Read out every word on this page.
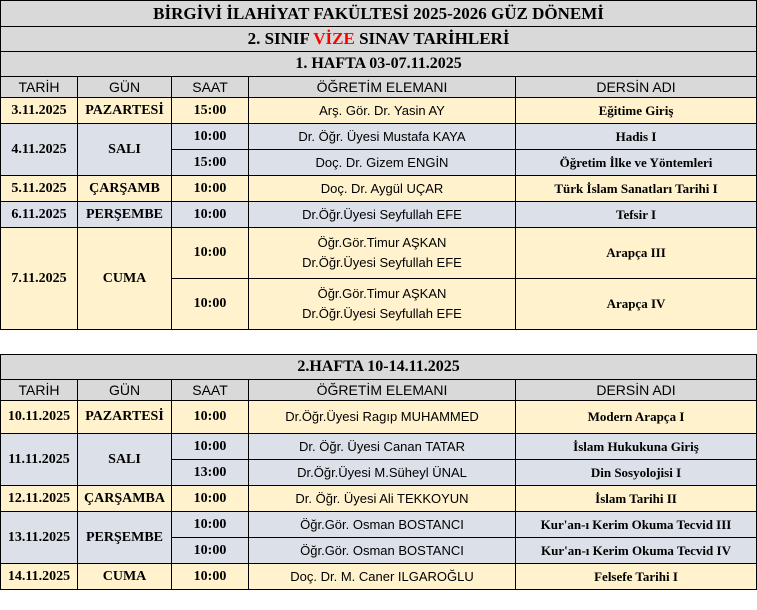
BİRGİVİ İLAHİYAT FAKÜLTESİ 2025-2026 GÜZ DÖNEMİ				
2. SINIF VİZE SINAV TARİHLERİ				
1. HAFTA 03-07.11.2025				
TARİH	GÜN	SAAT	ÖĞRETİM ELEMANI	DERSİN ADI
3.11.2025	PAZARTESİ	15:00	Arş. Gör. Dr. Yasin AY	Eğitime Giriş
4.11.2025	SALI	10:00	Dr. Öğr. Üyesi Mustafa KAYA	Hadis I
		15:00	Doç. Dr. Gizem ENGİN	Öğretim İlke ve Yöntemleri
5.11.2025	ÇARŞAMB	10:00	Doç. Dr. Aygül UÇAR	Türk İslam Sanatları Tarihi I
6.11.2025	PERŞEMBE	10:00	Dr.Öğr.Üyesi Seyfullah EFE	Tefsir I
7.11.2025	CUMA	10:00	Öğr.Gör.Timur AŞKAN
Dr.Öğr.Üyesi Seyfullah EFE	Arapça III
		10:00	Öğr.Gör.Timur AŞKAN
Dr.Öğr.Üyesi Seyfullah EFE	Arapça IV
2.HAFTA 10-14.11.2025				
TARİH	GÜN	SAAT	ÖĞRETİM ELEMANI	DERSİN ADI
10.11.2025	PAZARTESİ	10:00	Dr.Öğr.Üyesi Ragıp MUHAMMED	Modern Arapça I
11.11.2025	SALI	10:00	Dr. Öğr. Üyesi Canan TATAR	İslam Hukukuna Giriş
		13:00	Dr.Öğr.Üyesi M.Süheyl ÜNAL	Din Sosyolojisi I
12.11.2025	ÇARŞAMBA	10:00	Dr. Öğr. Üyesi Ali TEKKOYUN	İslam Tarihi II
13.11.2025	PERŞEMBE	10:00	Öğr.Gör. Osman BOSTANCI	Kur'an-ı Kerim Okuma Tecvid III
		10:00	Öğr.Gör. Osman BOSTANCI	Kur'an-ı Kerim Okuma Tecvid IV
14.11.2025	CUMA	10:00	Doç. Dr. M. Caner ILGAROĞLU	Felsefe Tarihi I
